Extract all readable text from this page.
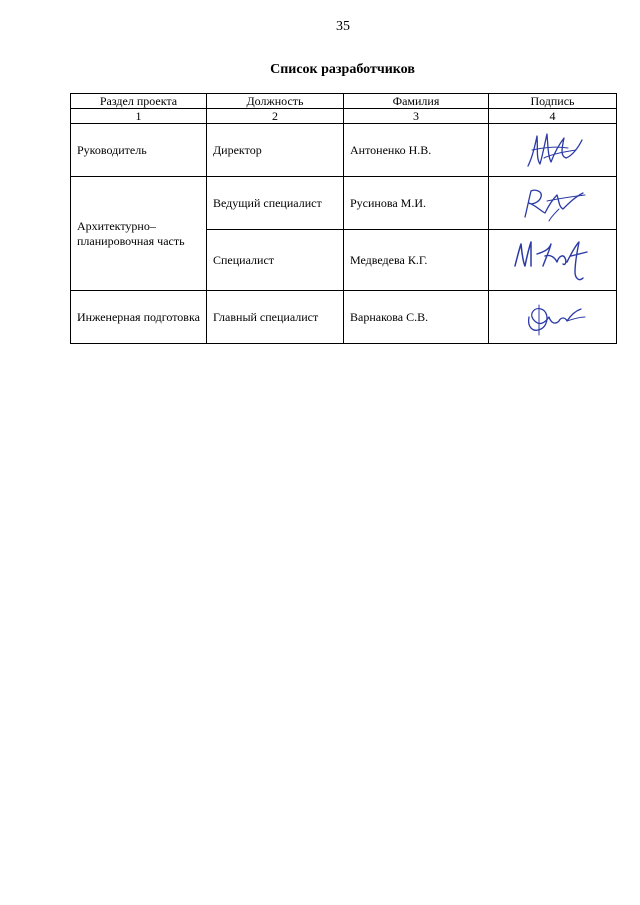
35
Список разработчиков
Раздел проекта	Должность	Фамилия	Подпись
1	2	3	4
Руководитель	Директор	Антоненко Н.В.	

Архитектурно–планировочная часть	Ведущий специалист	Русинова М.И.	

	Специалист	Медведева К.Г.	

Инженерная подготовка	Главный специалист	Варнакова С.В.	
